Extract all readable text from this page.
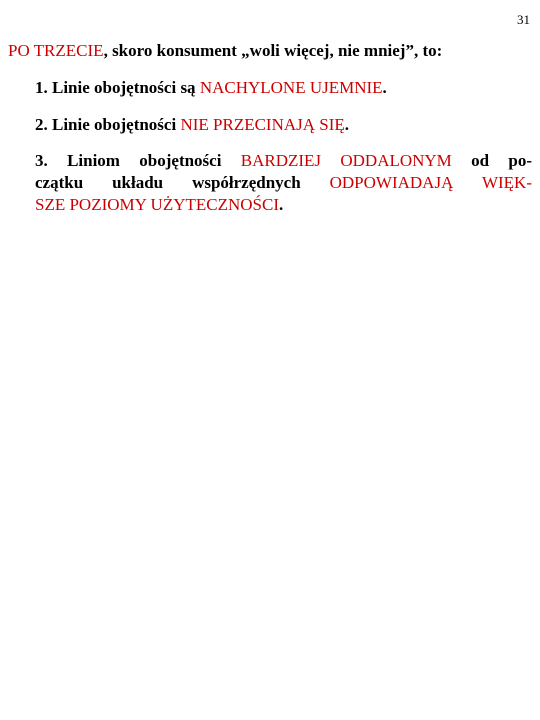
31
PO TRZECIE, skoro konsument „woli więcej, nie mniej”, to:
1. Linie obojętności są NACHYLONE UJEMNIE.
2. Linie obojętności NIE PRZECINAJĄ SIĘ.
3. Liniom obojętności BARDZIEJ ODDALONYM od po-
czątku układu współrzędnych ODPOWIADAJĄ WIĘK-
SZE POZIOMY UŻYTECZNOŚCI.
